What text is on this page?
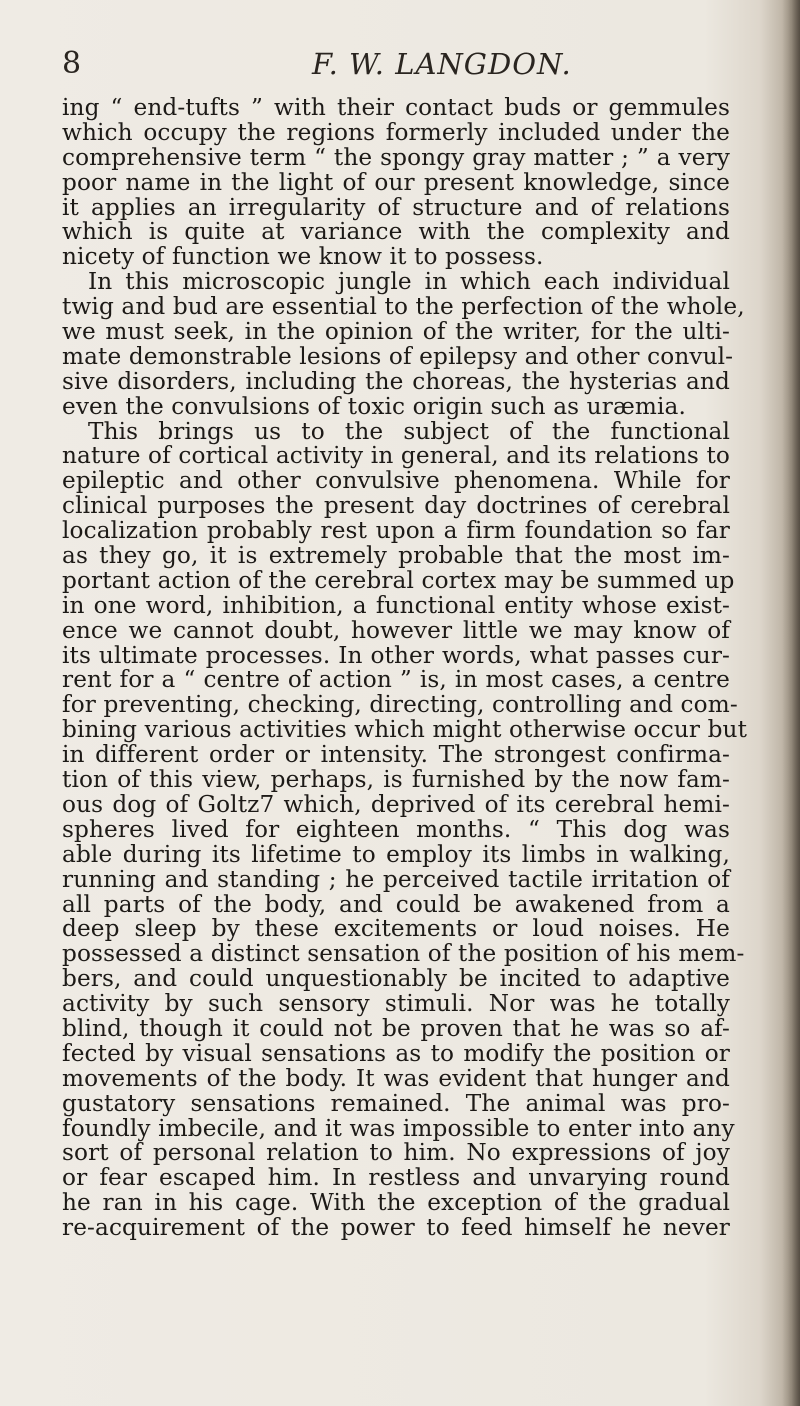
8	F. W. LANGDON.
ing “ end-tufts ” with their contact buds or gemmules
which occupy the regions formerly included under the
comprehensive term “ the spongy gray matter ; ” a very
poor name in the light of our present knowledge, since
it applies an irregularity of structure and of relations
which is quite at variance with the complexity and
nicety of function we know it to possess.
In this microscopic jungle in which each individual
twig and bud are essential to the perfection of the whole,
we must seek, in the opinion of the writer, for the ulti-
mate demonstrable lesions of epilepsy and other convul-
sive disorders, including the choreas, the hysterias and
even the convulsions of toxic origin such as uræmia.
This brings us to the subject of the functional
nature of cortical activity in general, and its relations to
epileptic and other convulsive phenomena. While for
clinical purposes the present day doctrines of cerebral
localization probably rest upon a firm foundation so far
as they go, it is extremely probable that the most im-
portant action of the cerebral cortex may be summed up
in one word, inhibition, a functional entity whose exist-
ence we cannot doubt, however little we may know of
its ultimate processes. In other words, what passes cur-
rent for a “ centre of action ” is, in most cases, a centre
for preventing, checking, directing, controlling and com-
bining various activities which might otherwise occur but
in different order or intensity. The strongest confirma-
tion of this view, perhaps, is furnished by the now fam-
ous dog of Goltz7 which, deprived of its cerebral hemi-
spheres lived for eighteen months. “ This dog was
able during its lifetime to employ its limbs in walking,
running and standing ; he perceived tactile irritation of
all parts of the body, and could be awakened from a
deep sleep by these excitements or loud noises. He
possessed a distinct sensation of the position of his mem-
bers, and could unquestionably be incited to adaptive
activity by such sensory stimuli. Nor was he totally
blind, though it could not be proven that he was so af-
fected by visual sensations as to modify the position or
movements of the body. It was evident that hunger and
gustatory sensations remained. The animal was pro-
foundly imbecile, and it was impossible to enter into any
sort of personal relation to him. No expressions of joy
or fear escaped him. In restless and unvarying round
he ran in his cage. With the exception of the gradual
re-acquirement of the power to feed himself he never
